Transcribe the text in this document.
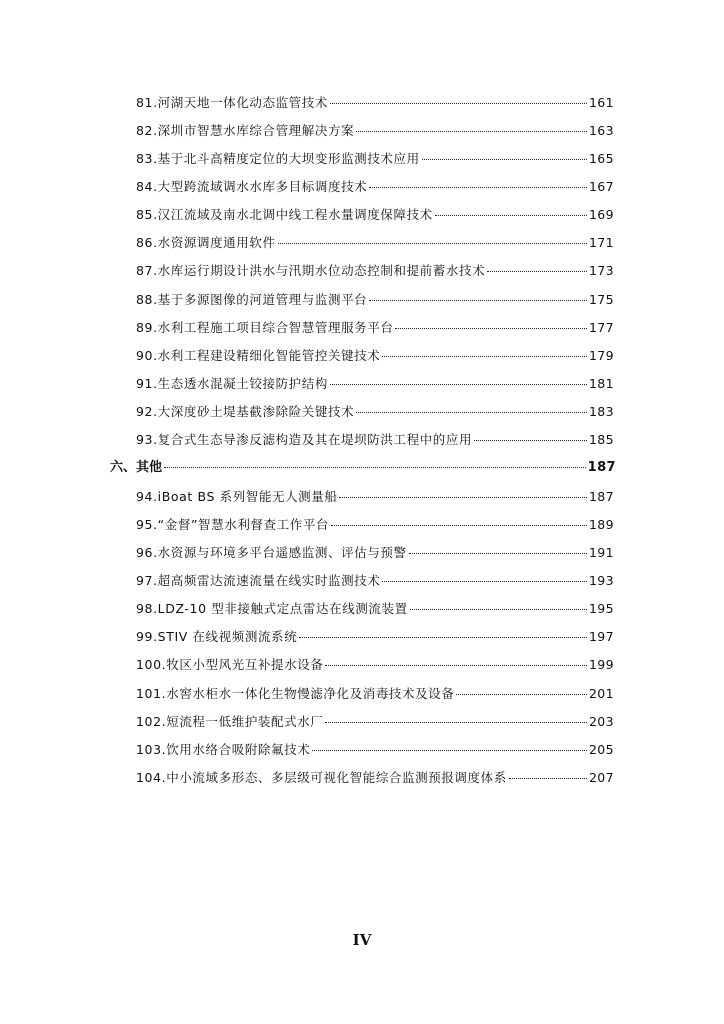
81.河湖天地一体化动态监管技术	161
82.深圳市智慧水库综合管理解决方案	163
83.基于北斗高精度定位的大坝变形监测技术应用	165
84.大型跨流域调水水库多目标调度技术	167
85.汉江流域及南水北调中线工程水量调度保障技术	169
86.水资源调度通用软件	171
87.水库运行期设计洪水与汛期水位动态控制和提前蓄水技术	173
88.基于多源图像的河道管理与监测平台	175
89.水利工程施工项目综合智慧管理服务平台	177
90.水利工程建设精细化智能管控关键技术	179
91.生态透水混凝土铰接防护结构	181
92.大深度砂土堤基截渗除险关键技术	183
93.复合式生态导渗反滤构造及其在堤坝防洪工程中的应用	185
六、其他	187
94.iBoat BS 系列智能无人测量船	187
95.“金督”智慧水利督查工作平台	189
96.水资源与环境多平台遥感监测、评估与预警	191
97.超高频雷达流速流量在线实时监测技术	193
98.LDZ-10 型非接触式定点雷达在线测流装置	195
99.STIV 在线视频测流系统	197
100.牧区小型风光互补提水设备	199
101.水窖水柜水一体化生物慢滤净化及消毒技术及设备	201
102.短流程一低维护装配式水厂	203
103.饮用水络合吸附除氟技术	205
104.中小流域多形态、多层级可视化智能综合监测预报调度体系	207
IV
